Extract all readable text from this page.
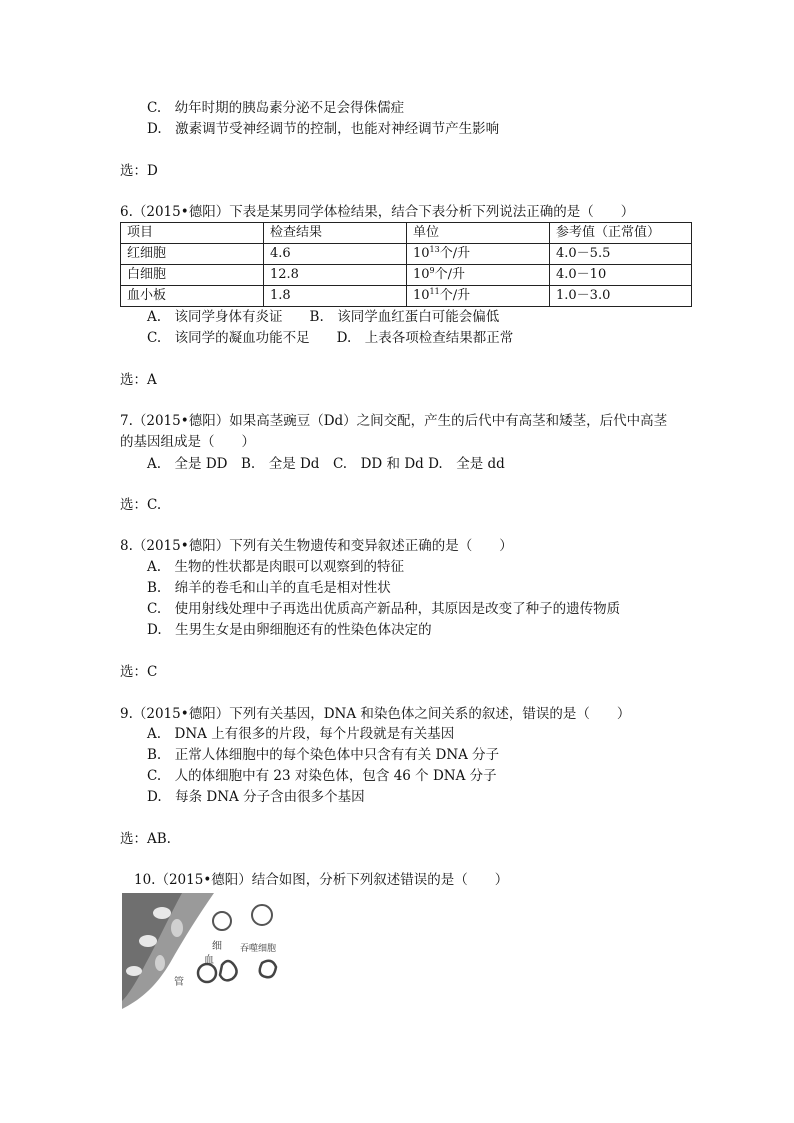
C.　幼年时期的胰岛素分泌不足会得侏儒症
D.　激素调节受神经调节的控制，也能对神经调节产生影响
选：D
6.（2015•德阳）下表是某男同学体检结果，结合下表分析下列说法正确的是（　　）
项目	检查结果	单位	参考值（正常值）
红细胞	4.6	$10^{13}$个/升	4.0－5.5
白细胞	12.8	$10^9$个/升	4.0－10
血小板	1.8	$10^{11}$个/升	1.0－3.0
A.　该同学身体有炎证　　B.　该同学血红蛋白可能会偏低
C.　该同学的凝血功能不足　　D.　上表各项检查结果都正常
选：A
7.（2015•德阳）如果高茎豌豆（Dd）之间交配，产生的后代中有高茎和矮茎，后代中高茎
的基因组成是（　　）
A.　全是 DD　B.　全是 Dd　C.　DD 和 Dd D.　全是 dd
选：C.
8.（2015•德阳）下列有关生物遗传和变异叙述正确的是（　　）
A.　生物的性状都是肉眼可以观察到的特征
B.　绵羊的卷毛和山羊的直毛是相对性状
C.　使用射线处理中子再选出优质高产新品种，其原因是改变了种子的遗传物质
D.　生男生女是由卵细胞还有的性染色体决定的
选：C
9.（2015•德阳）下列有关基因，DNA 和染色体之间关系的叙述，错误的是（　　）
A.　DNA 上有很多的片段，每个片段就是有关基因
B.　正常人体细胞中的每个染色体中只含有有关 DNA 分子
C.　人的体细胞中有 23 对染色体，包含 46 个 DNA 分子
D.　每条 DNA 分子含由很多个基因
选：AB.
10.（2015•德阳）结合如图，分析下列叙述错误的是（　　）
细
血
管
吞噬细胞
